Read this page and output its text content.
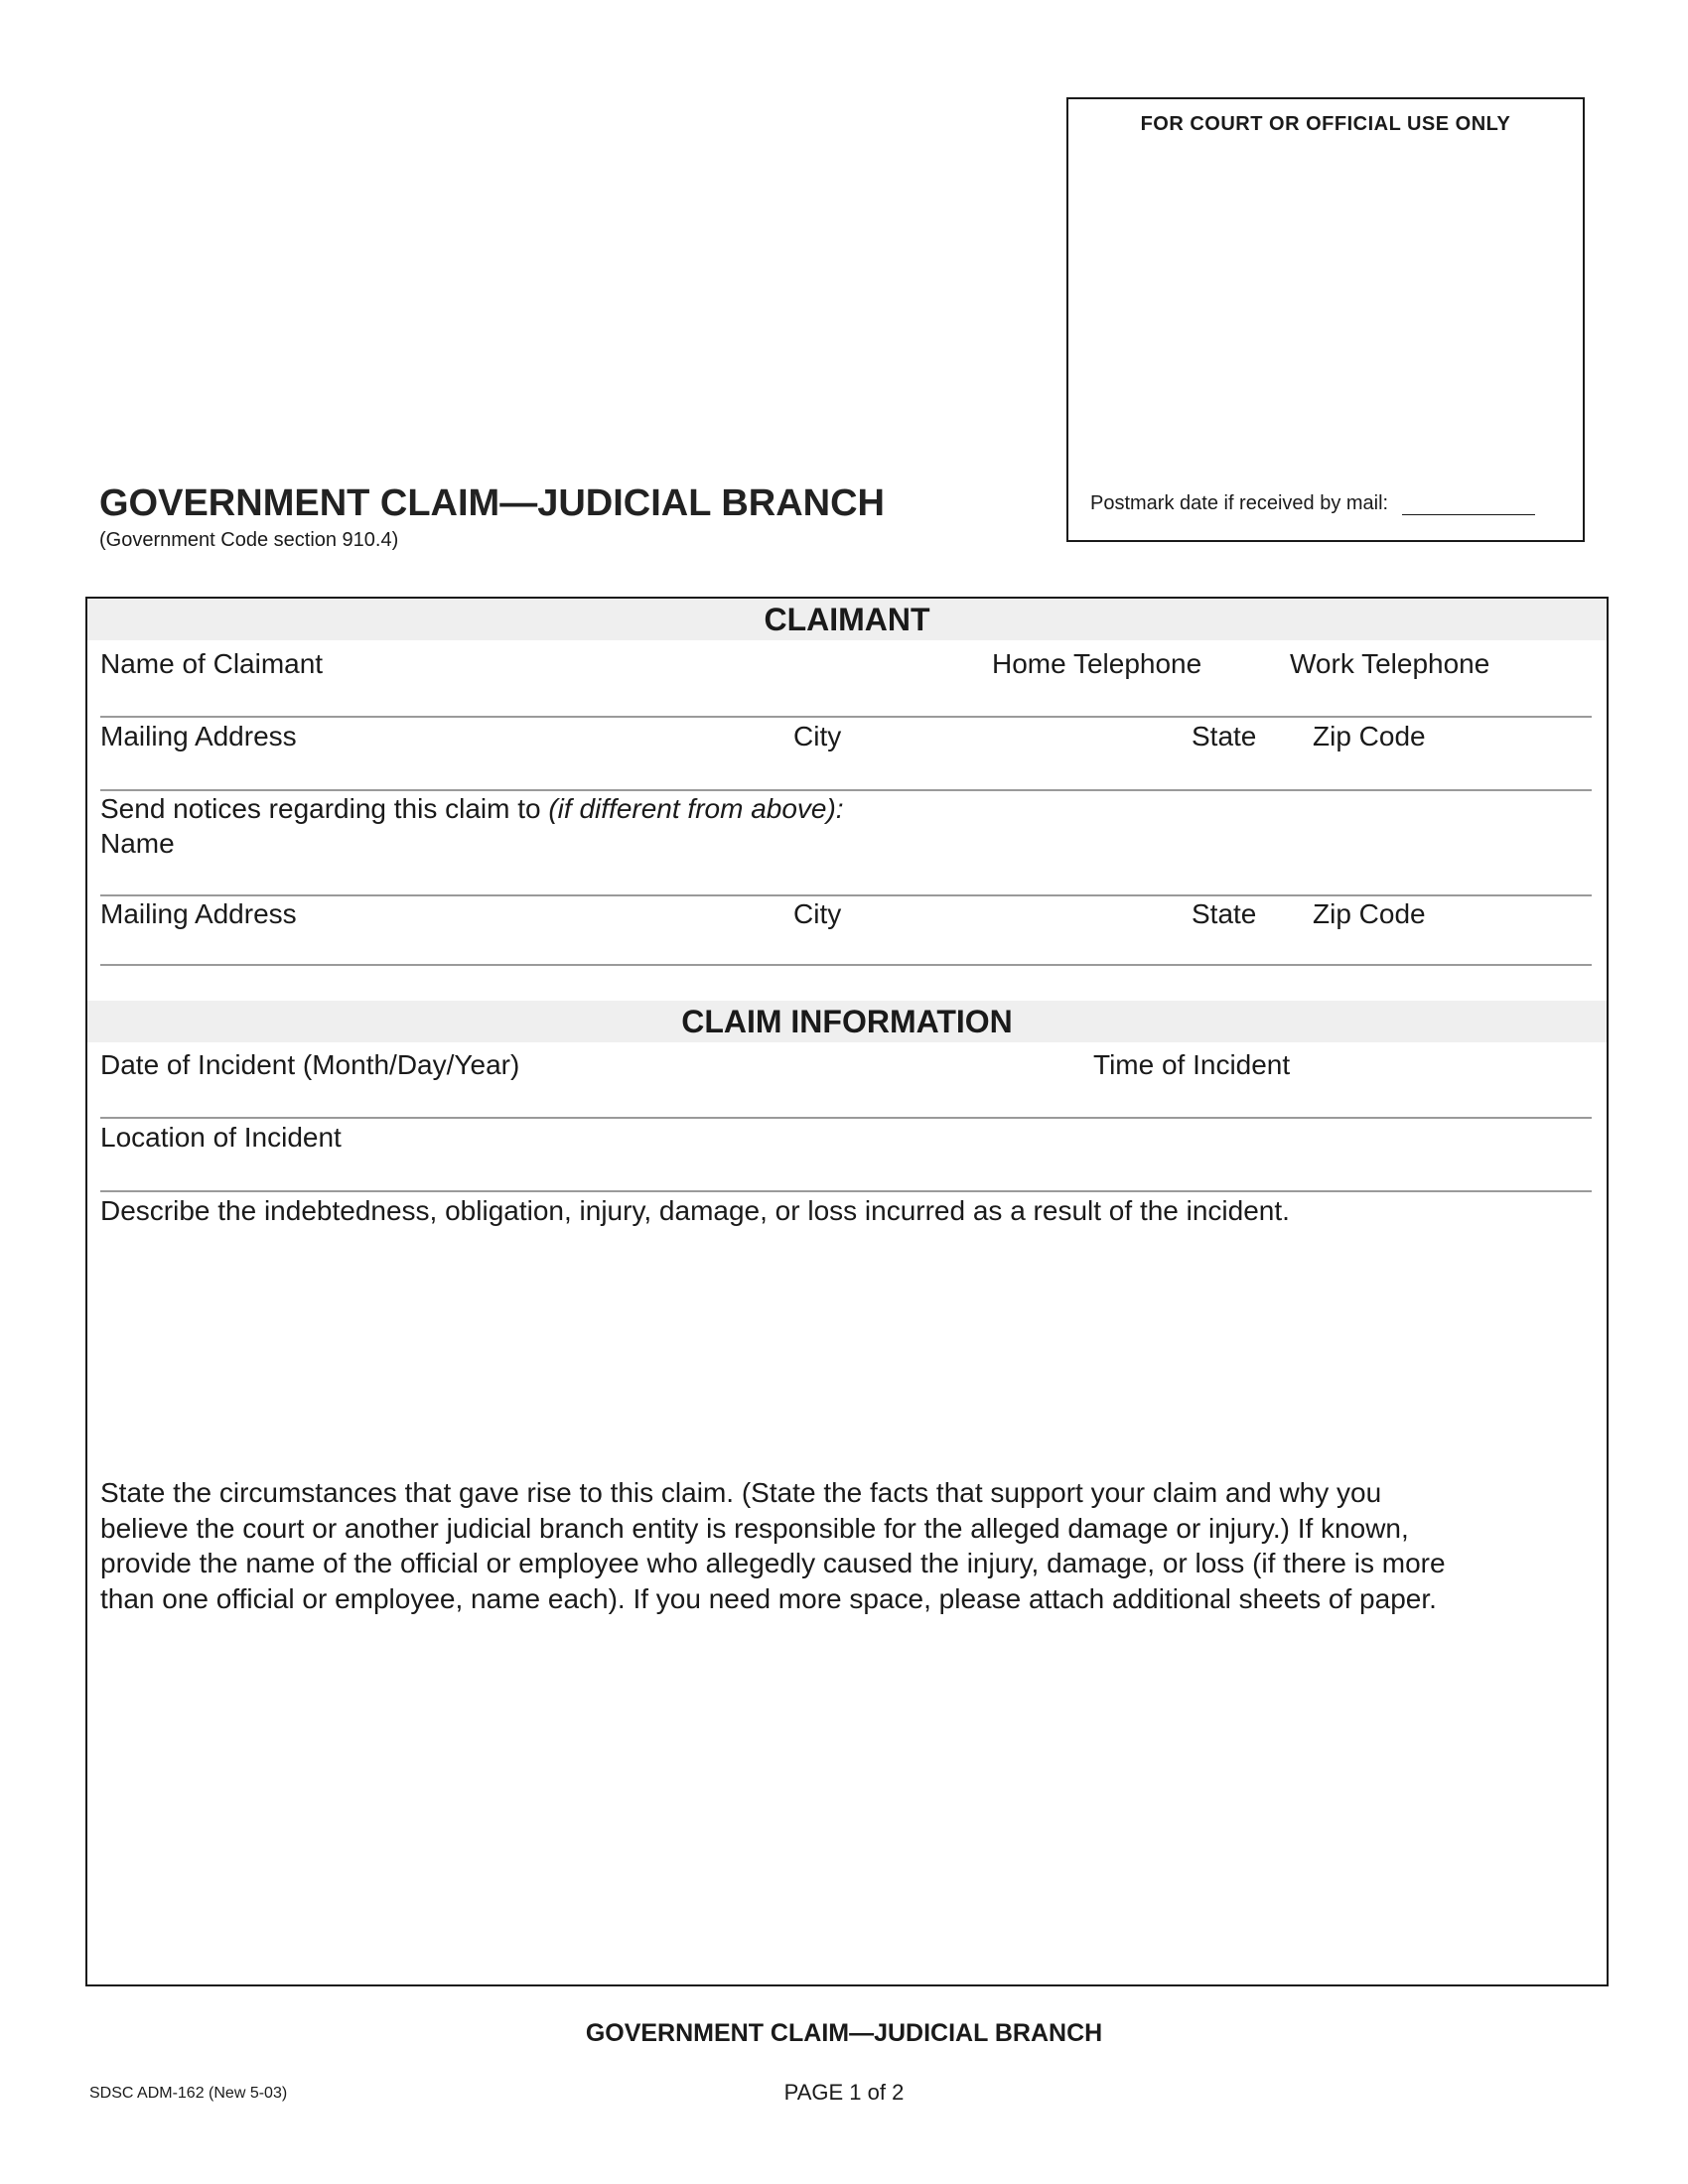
FOR COURT OR OFFICIAL USE ONLY
Postmark date if received by mail:
GOVERNMENT CLAIM—JUDICIAL BRANCH
(Government Code section 910.4)
CLAIMANT
Name of Claimant	Home Telephone	Work Telephone
Mailing Address	City	State Zip Code
Send notices regarding this claim to (if different from above):
Name
Mailing Address	City	State Zip Code
CLAIM INFORMATION
Date of Incident (Month/Day/Year)	Time of Incident
Location of Incident
Describe the indebtedness, obligation, injury, damage, or loss incurred as a result of the incident.
State the circumstances that gave rise to this claim. (State the facts that support your claim and why you
believe the court or another judicial branch entity is responsible for the alleged damage or injury.) If known,
provide the name of the official or employee who allegedly caused the injury, damage, or loss (if there is more
than one official or employee, name each). If you need more space, please attach additional sheets of paper.
GOVERNMENT CLAIM—JUDICIAL BRANCH
SDSC ADM-162 (New 5-03)	PAGE 1 of 2
